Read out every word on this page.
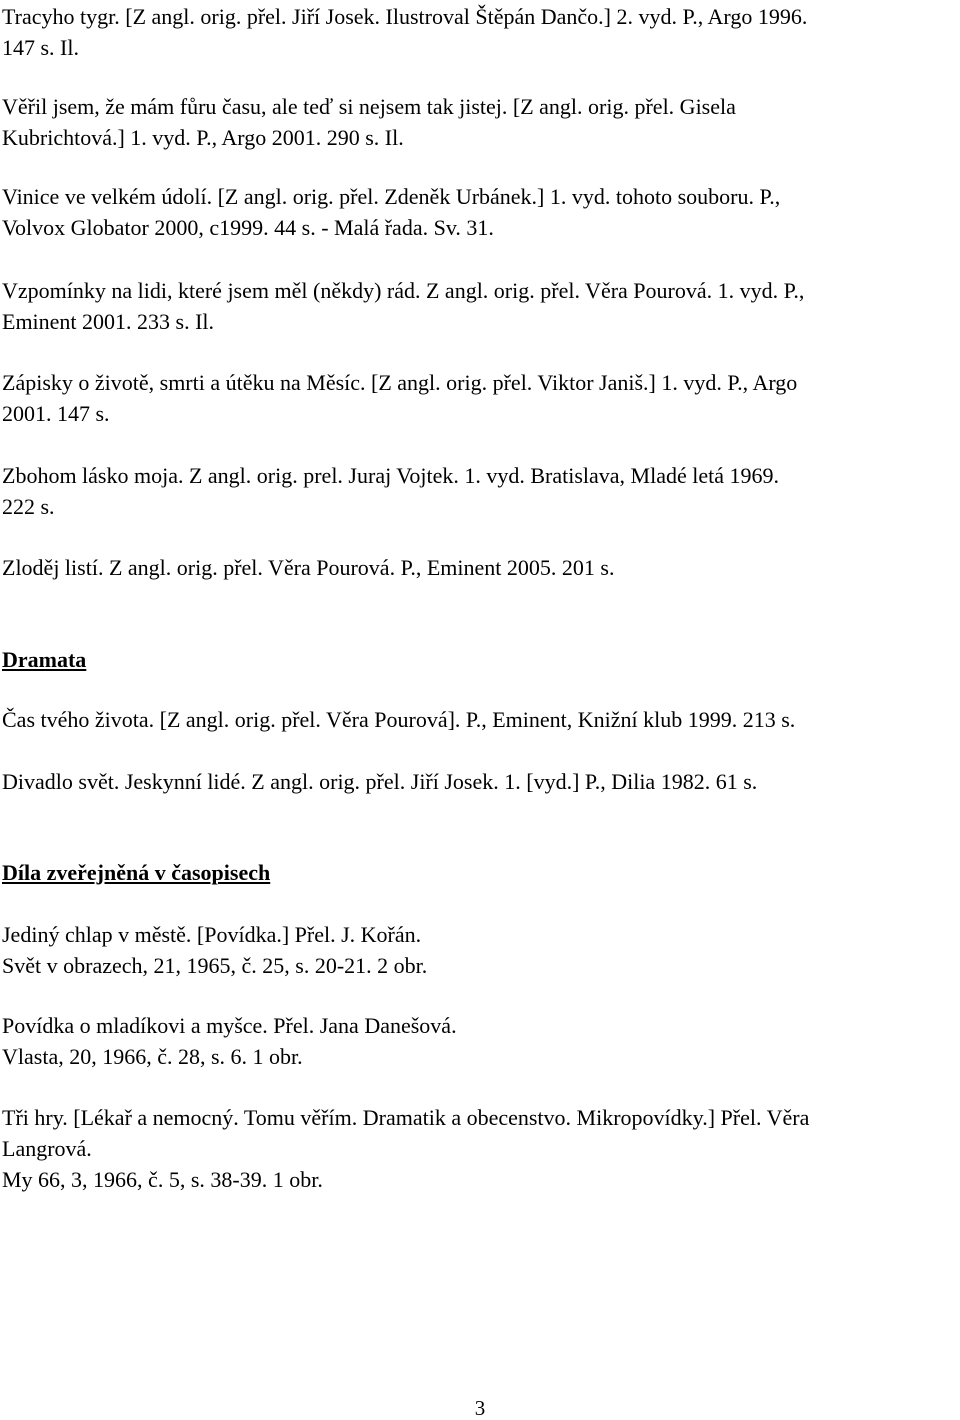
Tracyho tygr. [Z angl. orig. přel. Jiří Josek. Ilustroval Štěpán Dančo.] 2. vyd. P., Argo 1996.
147 s. Il.
Věřil jsem, že mám fůru času, ale teď si nejsem tak jistej. [Z angl. orig. přel. Gisela
Kubrichtová.] 1. vyd. P., Argo 2001. 290 s. Il.
Vinice ve velkém údolí. [Z angl. orig. přel. Zdeněk Urbánek.] 1. vyd. tohoto souboru. P.,
Volvox Globator 2000, c1999. 44 s. - Malá řada. Sv. 31.
Vzpomínky na lidi, které jsem měl (někdy) rád. Z angl. orig. přel. Věra Pourová. 1. vyd. P.,
Eminent 2001. 233 s. Il.
Zápisky o životě, smrti a útěku na Měsíc. [Z angl. orig. přel. Viktor Janiš.] 1. vyd. P., Argo
2001. 147 s.
Zbohom lásko moja. Z angl. orig. prel. Juraj Vojtek. 1. vyd. Bratislava, Mladé letá 1969.
222 s.
Zloděj listí. Z angl. orig. přel. Věra Pourová. P., Eminent 2005. 201 s.
Dramata
Čas tvého života. [Z angl. orig. přel. Věra Pourová]. P., Eminent, Knižní klub 1999. 213 s.
Divadlo svět. Jeskynní lidé. Z angl. orig. přel. Jiří Josek. 1. [vyd.] P., Dilia 1982. 61 s.
Díla zveřejněná v časopisech
Jediný chlap v městě. [Povídka.] Přel. J. Kořán.
Svět v obrazech, 21, 1965, č. 25, s. 20-21. 2 obr.
Povídka o mladíkovi a myšce. Přel. Jana Danešová.
Vlasta, 20, 1966, č. 28, s. 6. 1 obr.
Tři hry. [Lékař a nemocný. Tomu věřím. Dramatik a obecenstvo. Mikropovídky.] Přel. Věra
Langrová.
My 66, 3, 1966, č. 5, s. 38-39. 1 obr.
3
